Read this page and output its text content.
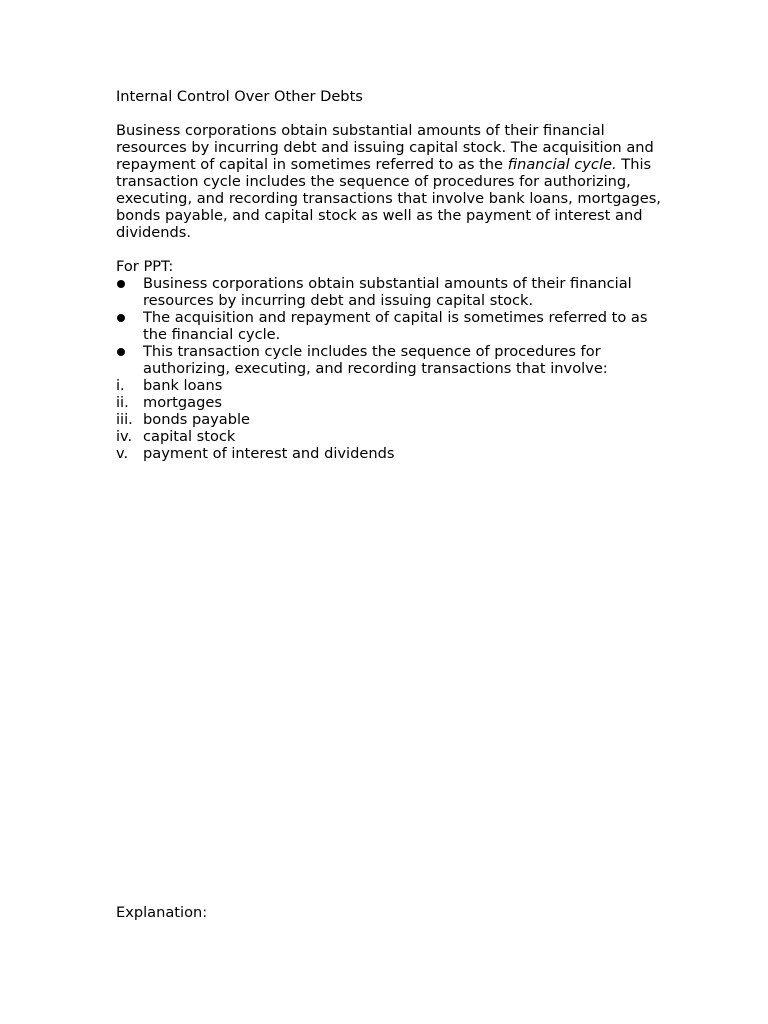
Internal Control Over Other Debts

Business corporations obtain substantial amounts of their financial resources by incurring debt and issuing capital stock. The acquisition and repayment of capital in sometimes referred to as the financial cycle. This transaction cycle includes the sequence of procedures for authorizing, executing, and recording transactions that involve bank loans, mortgages, bonds payable, and capital stock as well as the payment of interest and dividends.

For PPT:
Business corporations obtain substantial amounts of their financial resources by incurring debt and issuing capital stock.
The acquisition and repayment of capital is sometimes referred to as the financial cycle.
This transaction cycle includes the sequence of procedures for authorizing, executing, and recording transactions that involve:
i. bank loans
ii. mortgages
iii. bonds payable
iv. capital stock
v. payment of interest and dividends
Explanation:
